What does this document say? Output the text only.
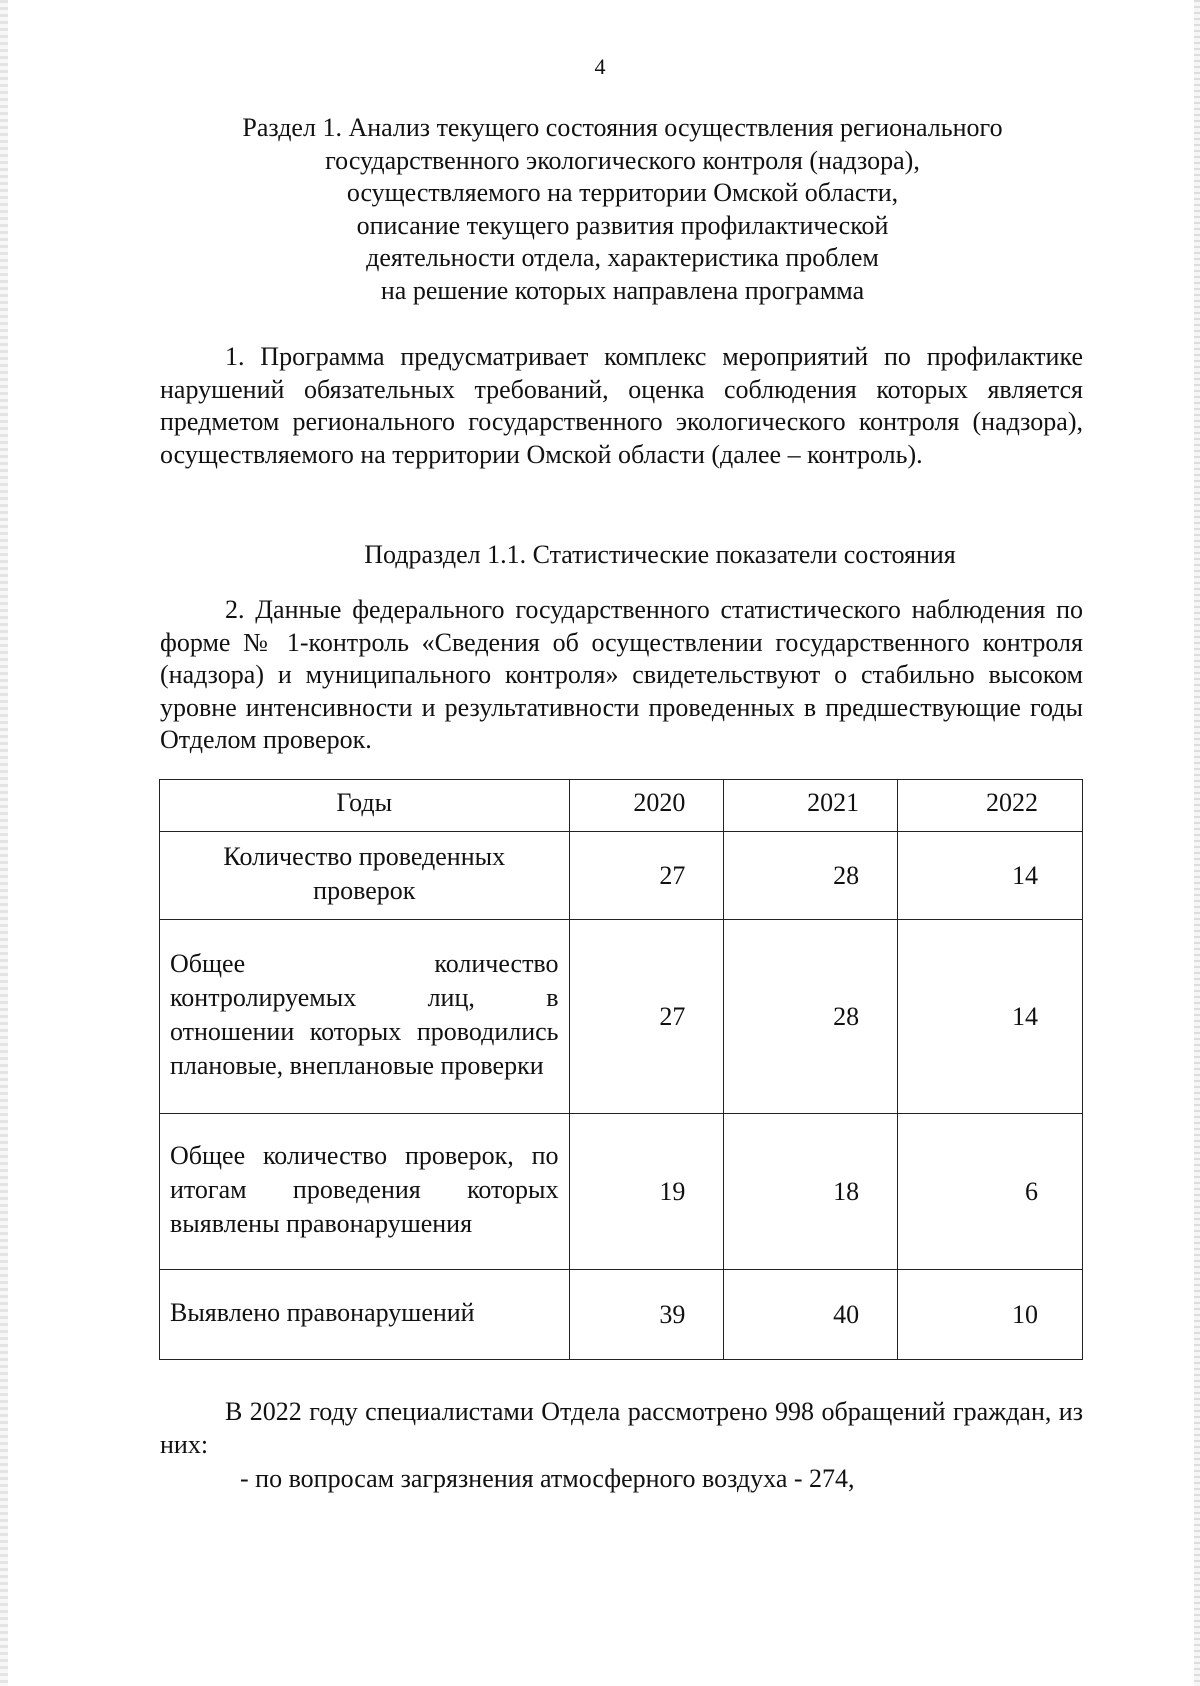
4
Раздел 1. Анализ текущего состояния осуществления регионального
государственного экологического контроля (надзора),
осуществляемого на территории Омской области,
описание текущего развития профилактической
деятельности отдела, характеристика проблем
на решение которых направлена программа
1. Программа предусматривает комплекс мероприятий по профилактике нарушений обязательных требований, оценка соблюдения которых является предметом регионального государственного экологического контроля (надзора), осуществляемого на территории Омской области (далее – контроль).
Подраздел 1.1. Статистические показатели состояния
2. Данные федерального государственного статистического наблюдения по форме № 1-контроль «Сведения об осуществлении государственного контроля (надзора) и муниципального контроля» свидетельствуют о стабильно высоком уровне интенсивности и результативности проведенных в предшествующие годы Отделом проверок.
Годы	2020	2021	2022
Количество проведенных проверок	27	28	14
Общее количество контролируемых лиц, в отношении которых проводились плановые, внеплановые проверки	27	28	14
Общее количество проверок, по итогам проведения которых выявлены правонарушения	19	18	6
Выявлено правонарушений	39	40	10
В 2022 году специалистами Отдела рассмотрено 998 обращений граждан, из них:
- по вопросам загрязнения атмосферного воздуха - 274,
